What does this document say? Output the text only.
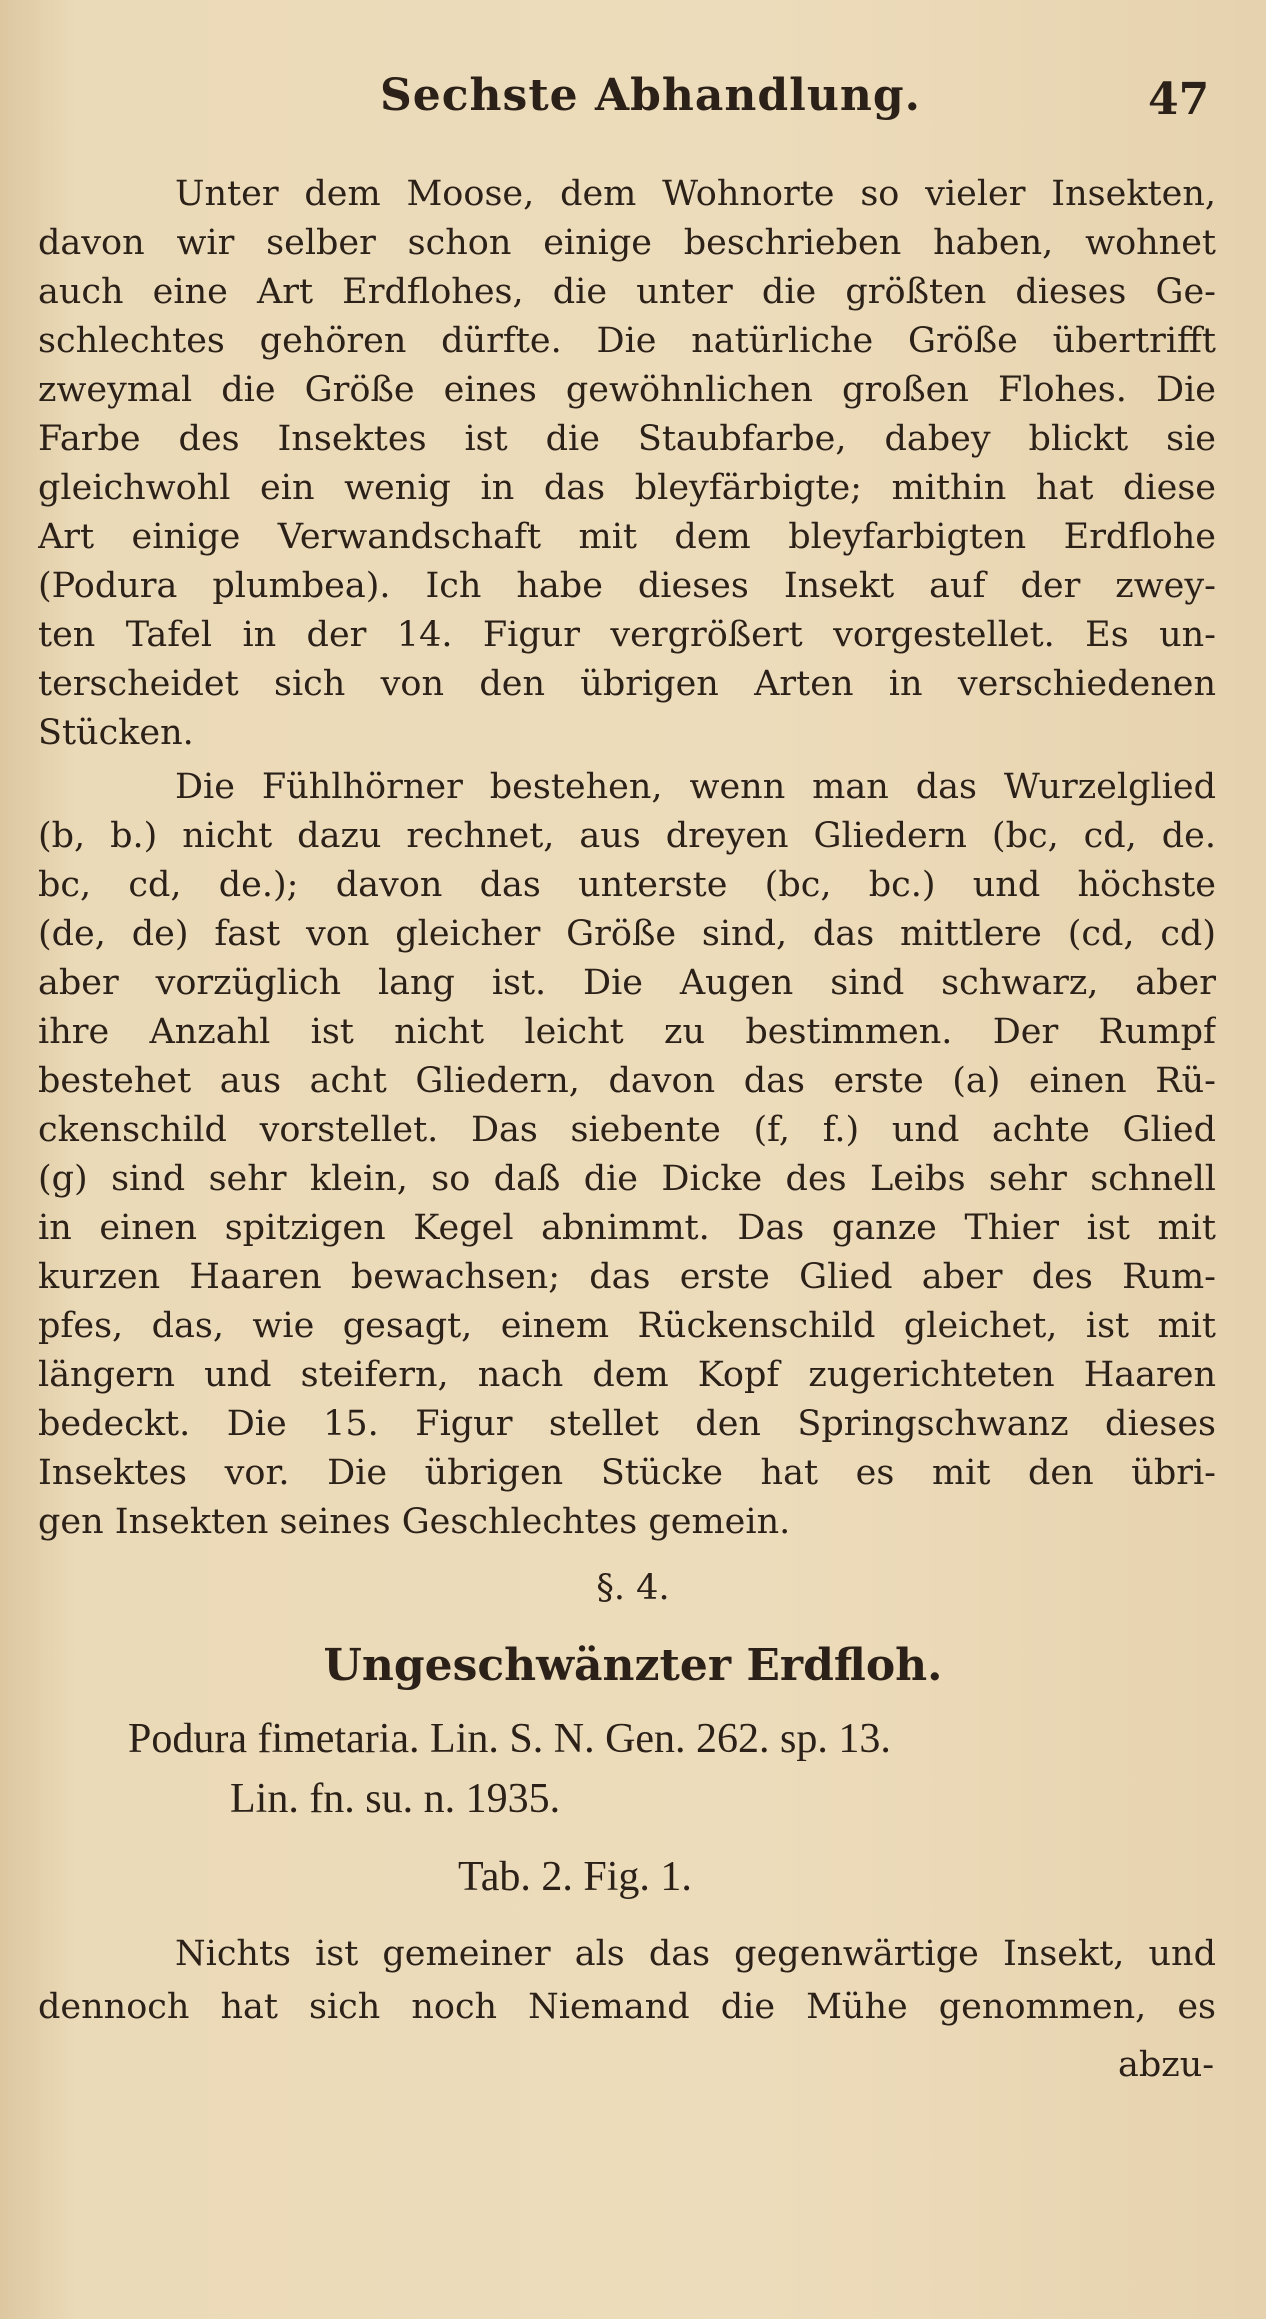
Sechste Abhandlung.	47
Unter dem Moose, dem Wohnorte so vieler Insekten,
davon wir selber schon einige beschrieben haben, wohnet
auch eine Art Erdflohes, die unter die größten dieses Ge-
schlechtes gehören dürfte. Die natürliche Größe übertrifft
zweymal die Größe eines gewöhnlichen großen Flohes. Die
Farbe des Insektes ist die Staubfarbe, dabey blickt sie
gleichwohl ein wenig in das bleyfärbigte; mithin hat diese
Art einige Verwandschaft mit dem bleyfarbigten Erdflohe
(Podura plumbea). Ich habe dieses Insekt auf der zwey-
ten Tafel in der 14. Figur vergrößert vorgestellet. Es un-
terscheidet sich von den übrigen Arten in verschiedenen
Stücken.
Die Fühlhörner bestehen, wenn man das Wurzelglied
(b, b.) nicht dazu rechnet, aus dreyen Gliedern (bc, cd, de.
bc, cd, de.); davon das unterste (bc, bc.) und höchste
(de, de) fast von gleicher Größe sind, das mittlere (cd, cd)
aber vorzüglich lang ist. Die Augen sind schwarz, aber
ihre Anzahl ist nicht leicht zu bestimmen. Der Rumpf
bestehet aus acht Gliedern, davon das erste (a) einen Rü-
ckenschild vorstellet. Das siebente (f, f.) und achte Glied
(g) sind sehr klein, so daß die Dicke des Leibs sehr schnell
in einen spitzigen Kegel abnimmt. Das ganze Thier ist mit
kurzen Haaren bewachsen; das erste Glied aber des Rum-
pfes, das, wie gesagt, einem Rückenschild gleichet, ist mit
längern und steifern, nach dem Kopf zugerichteten Haaren
bedeckt. Die 15. Figur stellet den Springschwanz dieses
Insektes vor. Die übrigen Stücke hat es mit den übri-
gen Insekten seines Geschlechtes gemein.
§. 4.
Ungeschwänzter Erdfloh.
Podura fimetaria. Lin. S. N. Gen. 262. sp. 13.
Lin. fn. su. n. 1935.
Tab. 2. Fig. 1.
Nichts ist gemeiner als das gegenwärtige Insekt, und
dennoch hat sich noch Niemand die Mühe genommen, es
abzu-
